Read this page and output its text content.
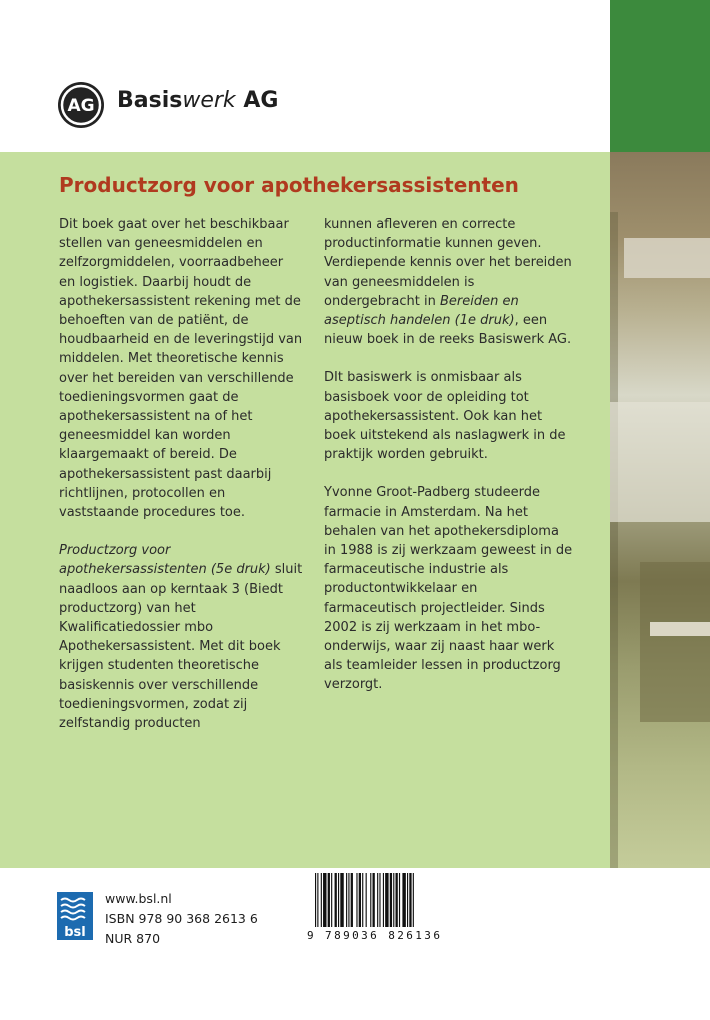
AG Basiswerk AG
Productzorg voor apothekersassistenten

Dit boek gaat over het beschikbaar stellen van geneesmiddelen en zelfzorgmiddelen, voorraadbeheer en logistiek. Daarbij houdt de apothekersassistent rekening met de behoeften van de patiënt, de houdbaarheid en de leveringstijd van middelen. Met theoretische kennis over het bereiden van verschillende toedieningsvormen gaat de apothekersassistent na of het geneesmiddel kan worden klaargemaakt of bereid. De apothekersassistent past daarbij richtlijnen, protocollen en vaststaande procedures toe.

Productzorg voor apothekersassistenten (5e druk) sluit naadloos aan op kerntaak 3 (Biedt productzorg) van het Kwalificatiedossier mbo Apothekersassistent. Met dit boek krijgen studenten theoretische basiskennis over verschillende toedieningsvormen, zodat zij zelfstandig producten

kunnen afleveren en correcte productinformatie kunnen geven. Verdiepende kennis over het bereiden van geneesmiddelen is ondergebracht in Bereiden en aseptisch handelen (1e druk), een nieuw boek in de reeks Basiswerk AG.

DIt basiswerk is onmisbaar als basisboek voor de opleiding tot apothekersassistent. Ook kan het boek uitstekend als naslagwerk in de praktijk worden gebruikt.

Yvonne Groot-Padberg studeerde farmacie in Amsterdam. Na het behalen van het apothekersdiploma in 1988 is zij werkzaam geweest in de farmaceutische industrie als productontwikkelaar en farmaceutisch projectleider. Sinds 2002 is zij werkzaam in het mbo-onderwijs, waar zij naast haar werk als teamleider lessen in productzorg verzorgt.

bsl
www.bsl.nl
ISBN 978 90 368 2613 6
NUR 870	9 789036 826136
